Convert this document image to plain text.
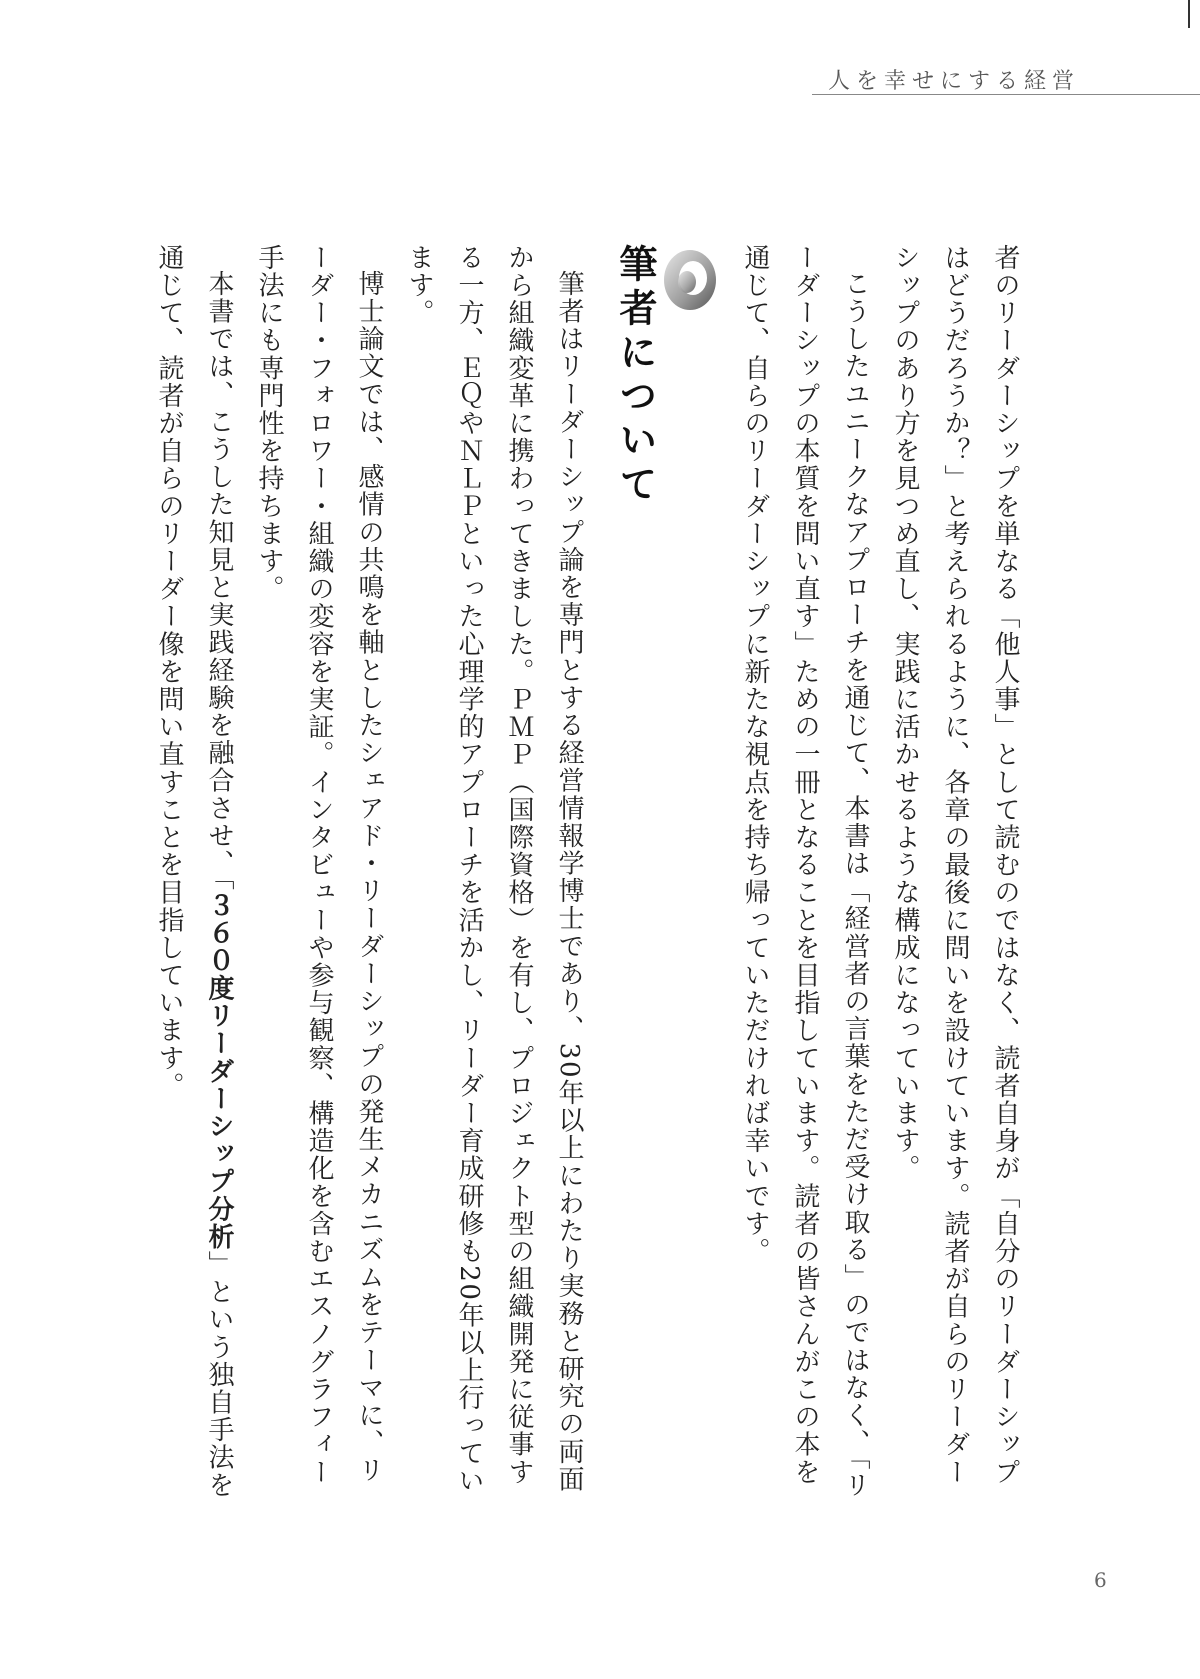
人を幸せにする経営

者のリーダーシップを単なる「他人事」として読むのではなく、読者自身が「自分のリーダーシップはどうだろうか？」と考えられるように、各章の最後に問いを設けています。読者が自らのリーダーシップのあり方を見つめ直し、実践に活かせるような構成になっています。

こうしたユニークなアプローチを通じて、本書は「経営者の言葉をただ受け取る」のではなく、「リーダーシップの本質を問い直す」ための一冊となることを目指しています。読者の皆さんがこの本を通じて、自らのリーダーシップに新たな視点を持ち帰っていただければ幸いです。

筆者について

筆者はリーダーシップ論を専門とする経営情報学博士であり、30年以上にわたり実務と研究の両面から組織変革に携わってきました。ＰＭＰ（国際資格）を有し、プロジェクト型の組織開発に従事する一方、ＥＱやＮＬＰといった心理学的アプローチを活かし、リーダー育成研修も20年以上行っています。

博士論文では、感情の共鳴を軸としたシェアド・リーダーシップの発生メカニズムをテーマに、リーダー・フォロワー・組織の変容を実証。インタビューや参与観察、構造化を含むエスノグラフィー手法にも専門性を持ちます。

本書では、こうした知見と実践経験を融合させ、「３６０度リーダーシップ分析」という独自手法を通じて、読者が自らのリーダー像を問い直すことを目指しています。

6
